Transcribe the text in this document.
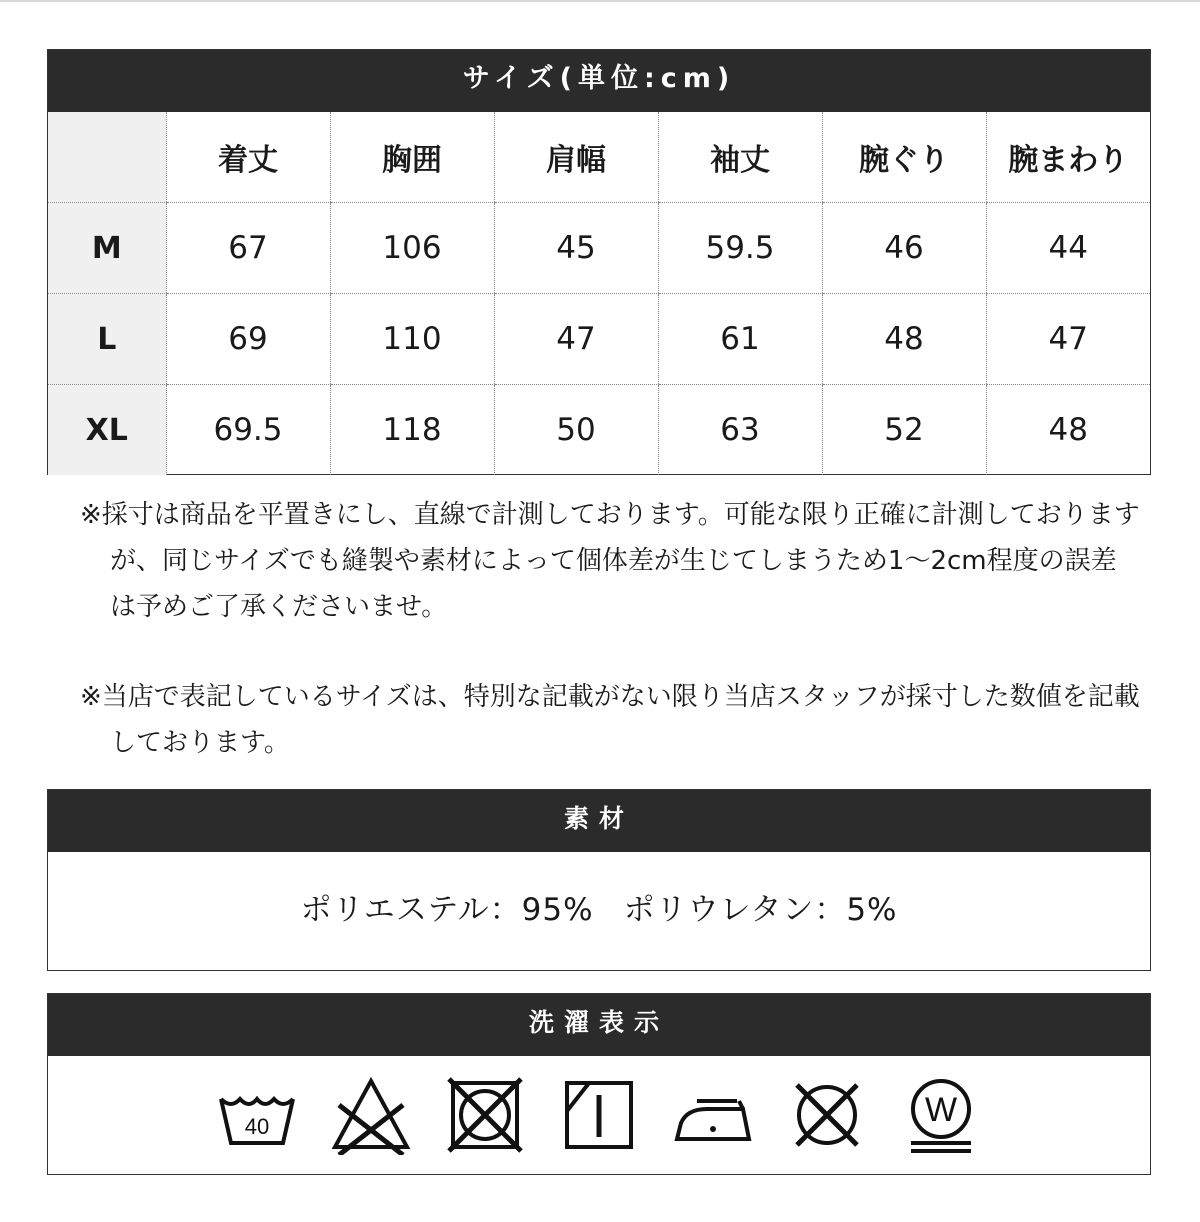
サイズ(単位:cm)
	着丈	胸囲	肩幅	袖丈	腕ぐり	腕まわり
M	67	106	45	59.5	46	44
L	69	110	47	61	48	47
XL	69.5	118	50	63	52	48

※採寸は商品を平置きにし、直線で計測しております。可能な限り正確に計測しておりますが、同じサイズでも縫製や素材によって個体差が生じてしまうため1～2cm程度の誤差は予めご了承くださいませ。

※当店で表記しているサイズは、特別な記載がない限り当店スタッフが採寸した数値を記載しております。

素材
ポリエステル：95% ポリウレタン：5%
洗濯表示
40	W
